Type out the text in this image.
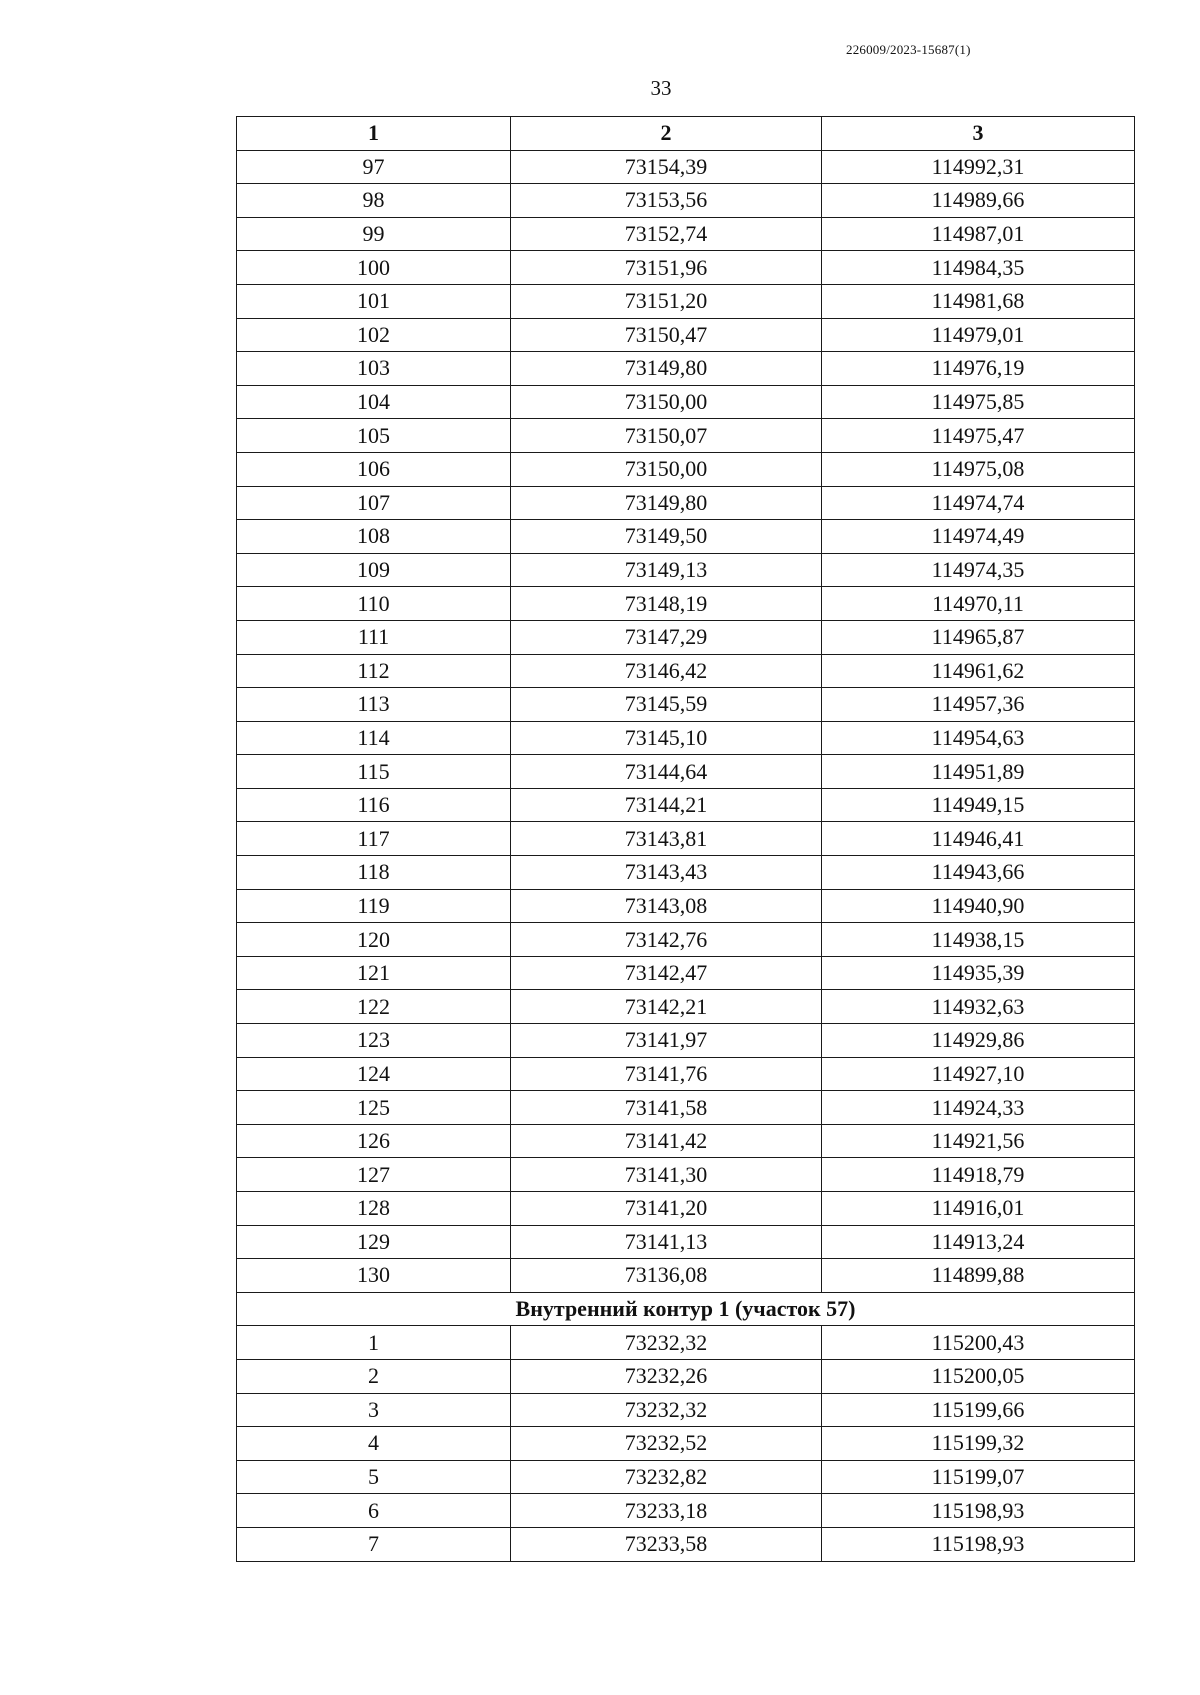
226009/2023-15687(1)
33
1	2	3
97	73154,39	114992,31
98	73153,56	114989,66
99	73152,74	114987,01
100	73151,96	114984,35
101	73151,20	114981,68
102	73150,47	114979,01
103	73149,80	114976,19
104	73150,00	114975,85
105	73150,07	114975,47
106	73150,00	114975,08
107	73149,80	114974,74
108	73149,50	114974,49
109	73149,13	114974,35
110	73148,19	114970,11
111	73147,29	114965,87
112	73146,42	114961,62
113	73145,59	114957,36
114	73145,10	114954,63
115	73144,64	114951,89
116	73144,21	114949,15
117	73143,81	114946,41
118	73143,43	114943,66
119	73143,08	114940,90
120	73142,76	114938,15
121	73142,47	114935,39
122	73142,21	114932,63
123	73141,97	114929,86
124	73141,76	114927,10
125	73141,58	114924,33
126	73141,42	114921,56
127	73141,30	114918,79
128	73141,20	114916,01
129	73141,13	114913,24
130	73136,08	114899,88
Внутренний контур 1 (участок 57)		
1	73232,32	115200,43
2	73232,26	115200,05
3	73232,32	115199,66
4	73232,52	115199,32
5	73232,82	115199,07
6	73233,18	115198,93
7	73233,58	115198,93
